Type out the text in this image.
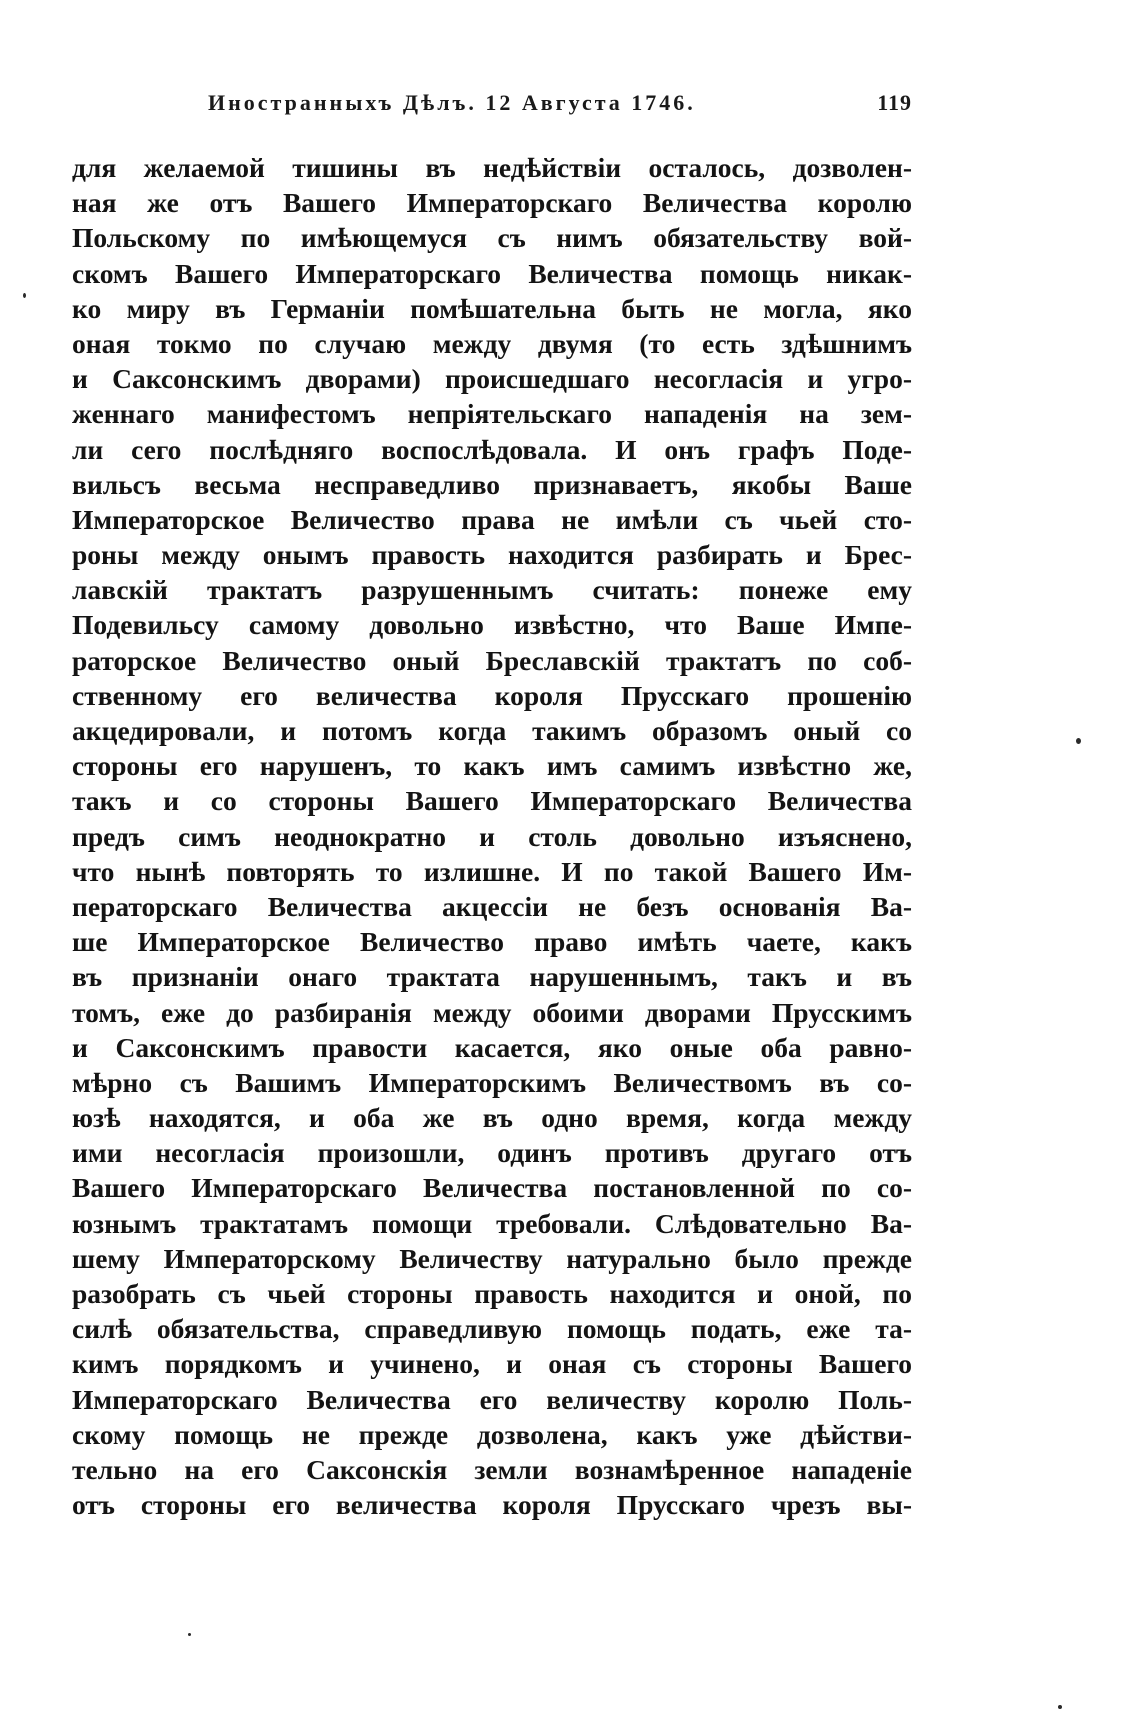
Иностранныхъ Дѣлъ. 12 Августа 1746.	119
для желаемой тишины въ недѣйствіи осталось, дозволен-
ная же отъ Вашего Императорскаго Величества королю
Польскому по имѣющемуся съ нимъ обязательству вой-
скомъ Вашего Императорскаго Величества помощь никак-
ко миру въ Германіи помѣшательна быть не могла, яко
оная токмо по случаю между двумя (то есть здѣшнимъ
и Саксонскимъ дворами) происшедшаго несогласія и угро-
женнаго манифестомъ непріятельскаго нападенія на зем-
ли сего послѣдняго воспослѣдовала. И онъ графъ Поде-
вильсъ весьма несправедливо признаваетъ, якобы Ваше
Императорское Величество права не имѣли съ чьей сто-
роны между онымъ правость находится разбирать и Брес-
лавскій трактатъ разрушеннымъ считать: понеже ему
Подевильсу самому довольно извѣстно, что Ваше Импе-
раторское Величество оный Бреславскій трактатъ по соб-
ственному его величества короля Прусскаго прошенію
акцедировали, и потомъ когда такимъ образомъ оный со
стороны его нарушенъ, то какъ имъ самимъ извѣстно же,
такъ и со стороны Вашего Императорскаго Величества
предъ симъ неоднократно и столь довольно изъяснено,
что нынѣ повторять то излишне. И по такой Вашего Им-
ператорскаго Величества акцессіи не безъ основанія Ва-
ше Императорское Величество право имѣть чаете, какъ
въ признаніи онаго трактата нарушеннымъ, такъ и въ
томъ, еже до разбиранія между обоими дворами Прусскимъ
и Саксонскимъ правости касается, яко оные оба равно-
мѣрно съ Вашимъ Императорскимъ Величествомъ въ со-
юзѣ находятся, и оба же въ одно время, когда между
ими несогласія произошли, одинъ противъ другаго отъ
Вашего Императорскаго Величества постановленной по со-
юзнымъ трактатамъ помощи требовали. Слѣдовательно Ва-
шему Императорскому Величеству натурально было прежде
разобрать съ чьей стороны правость находится и оной, по
силѣ обязательства, справедливую помощь подать, еже та-
кимъ порядкомъ и учинено, и оная съ стороны Вашего
Императорскаго Величества его величеству королю Поль-
скому помощь не прежде дозволена, какъ уже дѣйстви-
тельно на его Саксонскія земли вознамѣренное нападеніе
отъ стороны его величества короля Прусскаго чрезъ вы-
